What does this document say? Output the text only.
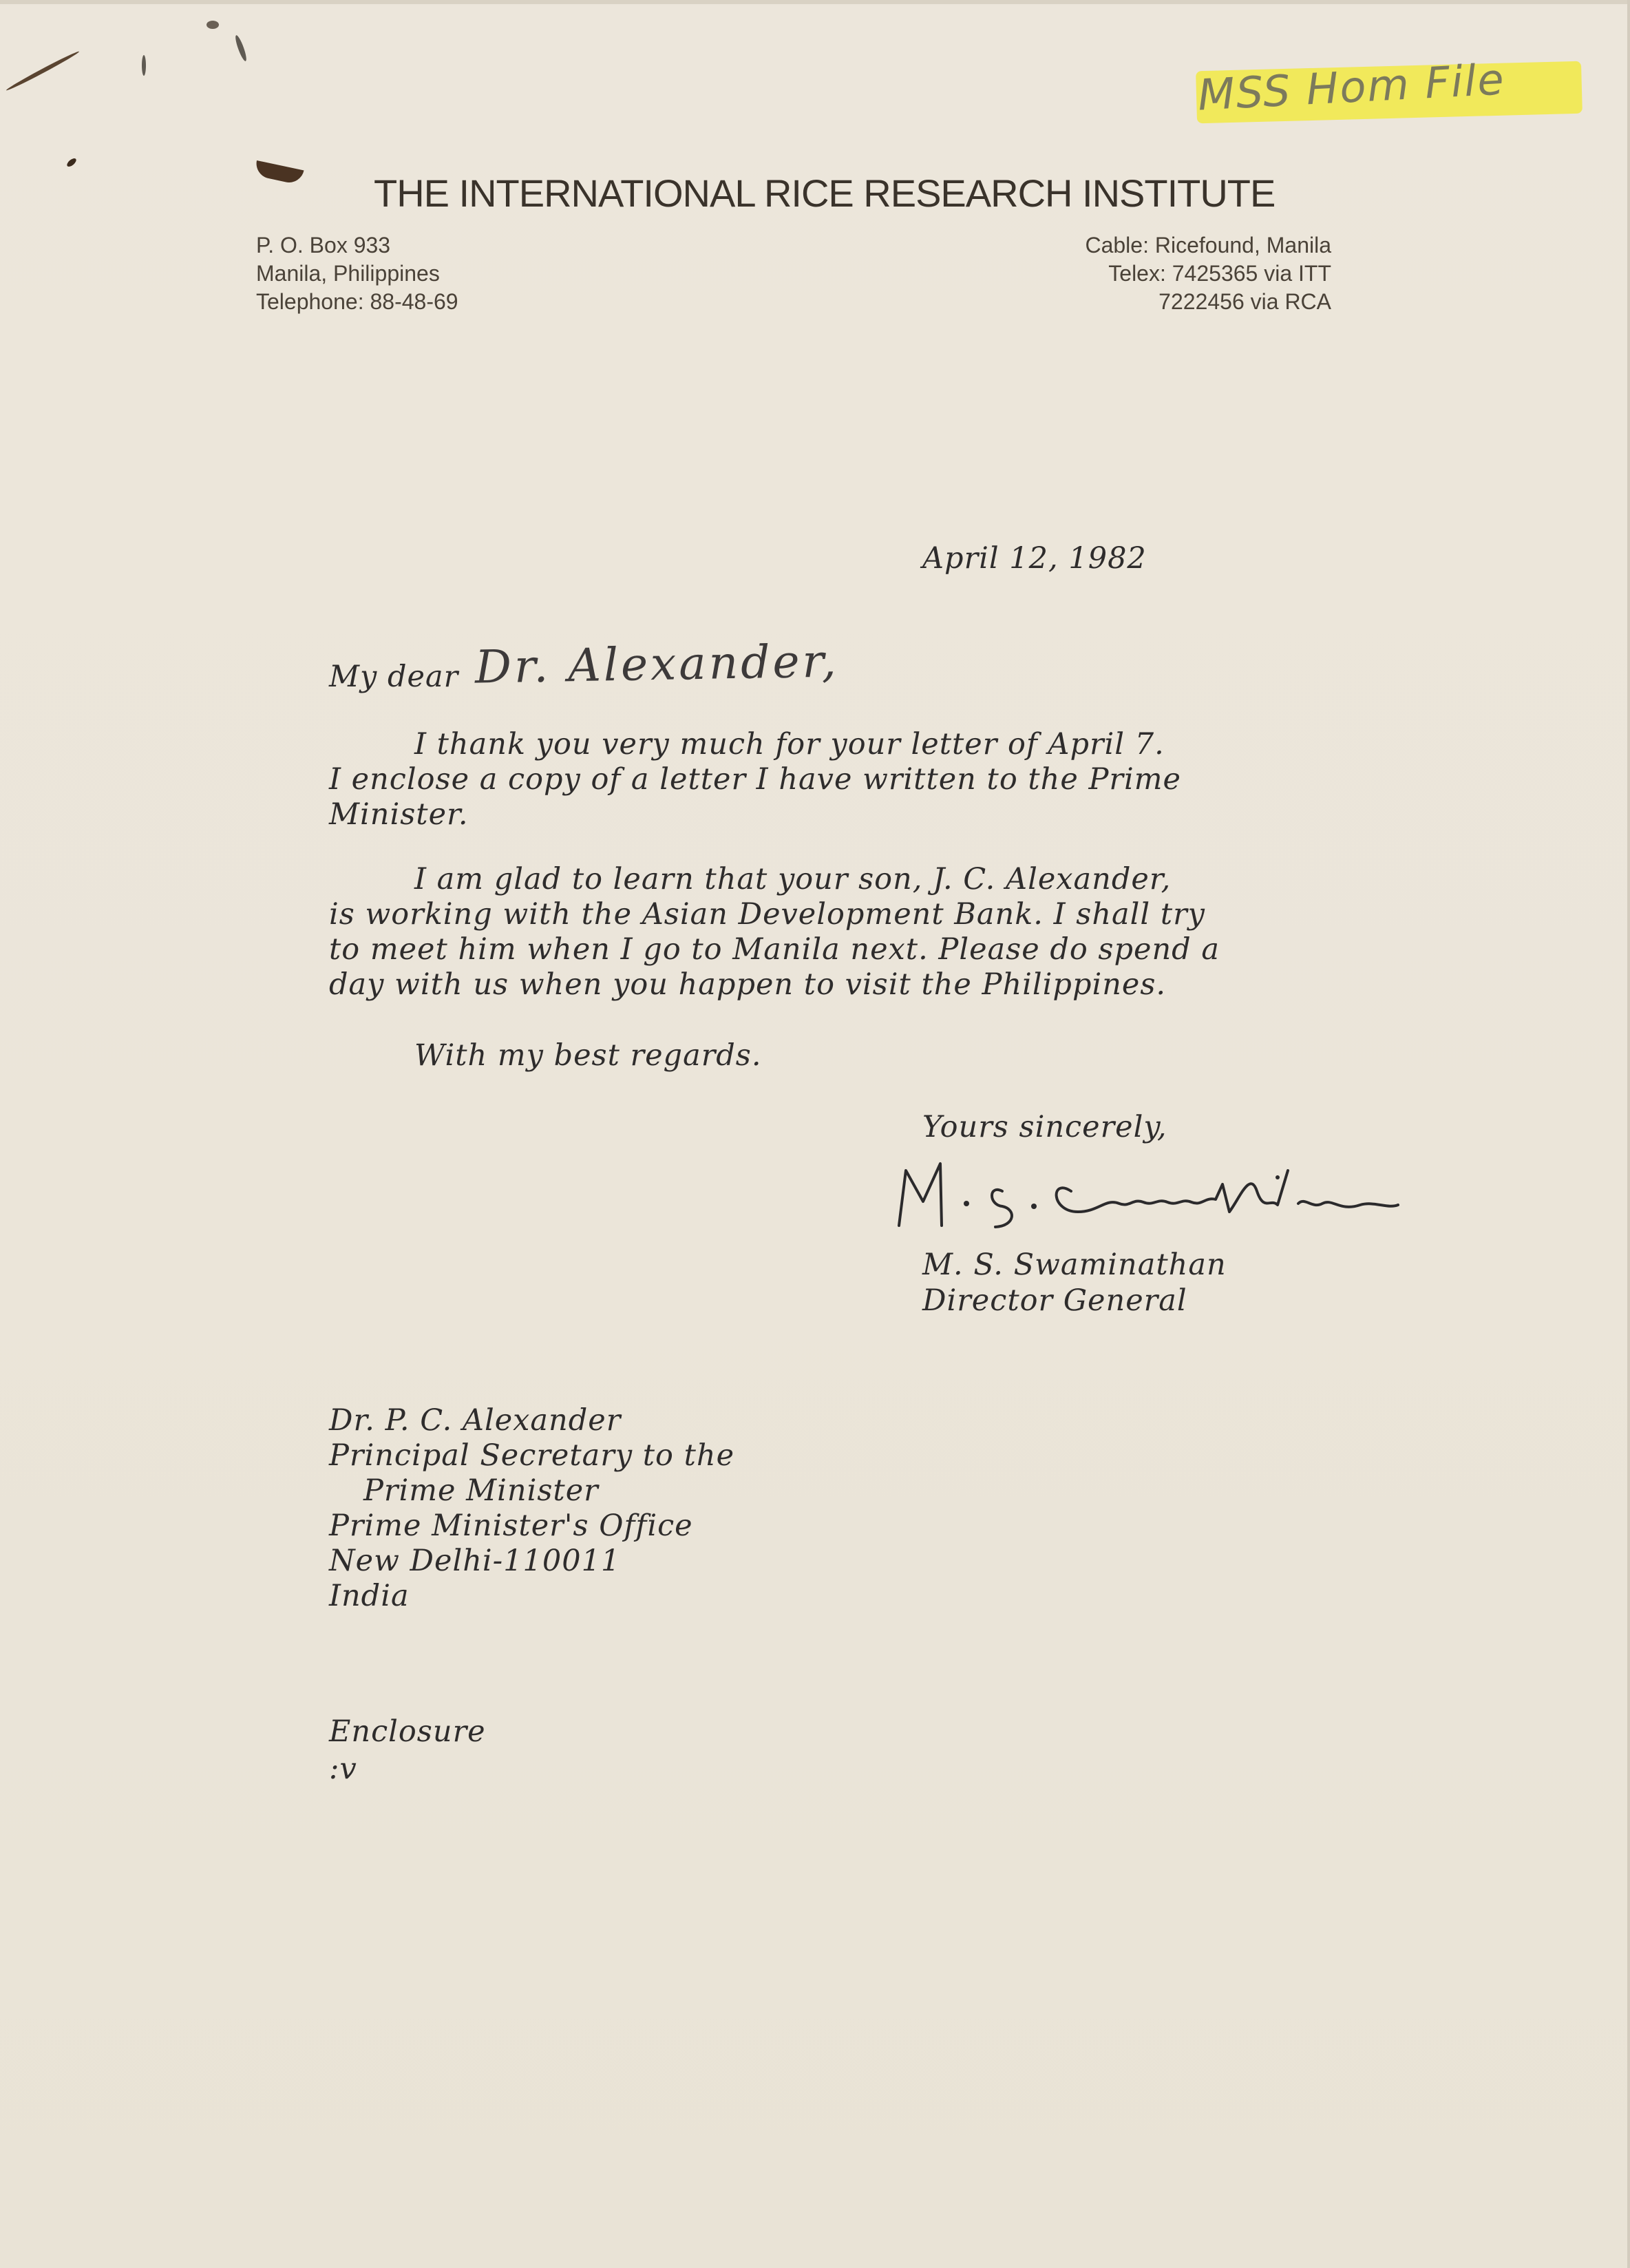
MSS Hom File
THE INTERNATIONAL RICE RESEARCH INSTITUTE
P. O. Box 933
Manila, Philippines
Telephone: 88-48-69
Cable: Ricefound, Manila
Telex: 7425365 via ITT
7222456 via RCA
April 12, 1982
My dear Dr. Alexander,
I thank you very much for your letter of April 7.
I enclose a copy of a letter I have written to the Prime
Minister.
I am glad to learn that your son, J. C. Alexander,
is working with the Asian Development Bank. I shall try
to meet him when I go to Manila next. Please do spend a
day with us when you happen to visit the Philippines.
With my best regards.
Yours sincerely,
M. S. Swaminathan
Director General
Dr. P. C. Alexander
Principal Secretary to the
Prime Minister
Prime Minister's Office
New Delhi-110011
India
Enclosure
:v
